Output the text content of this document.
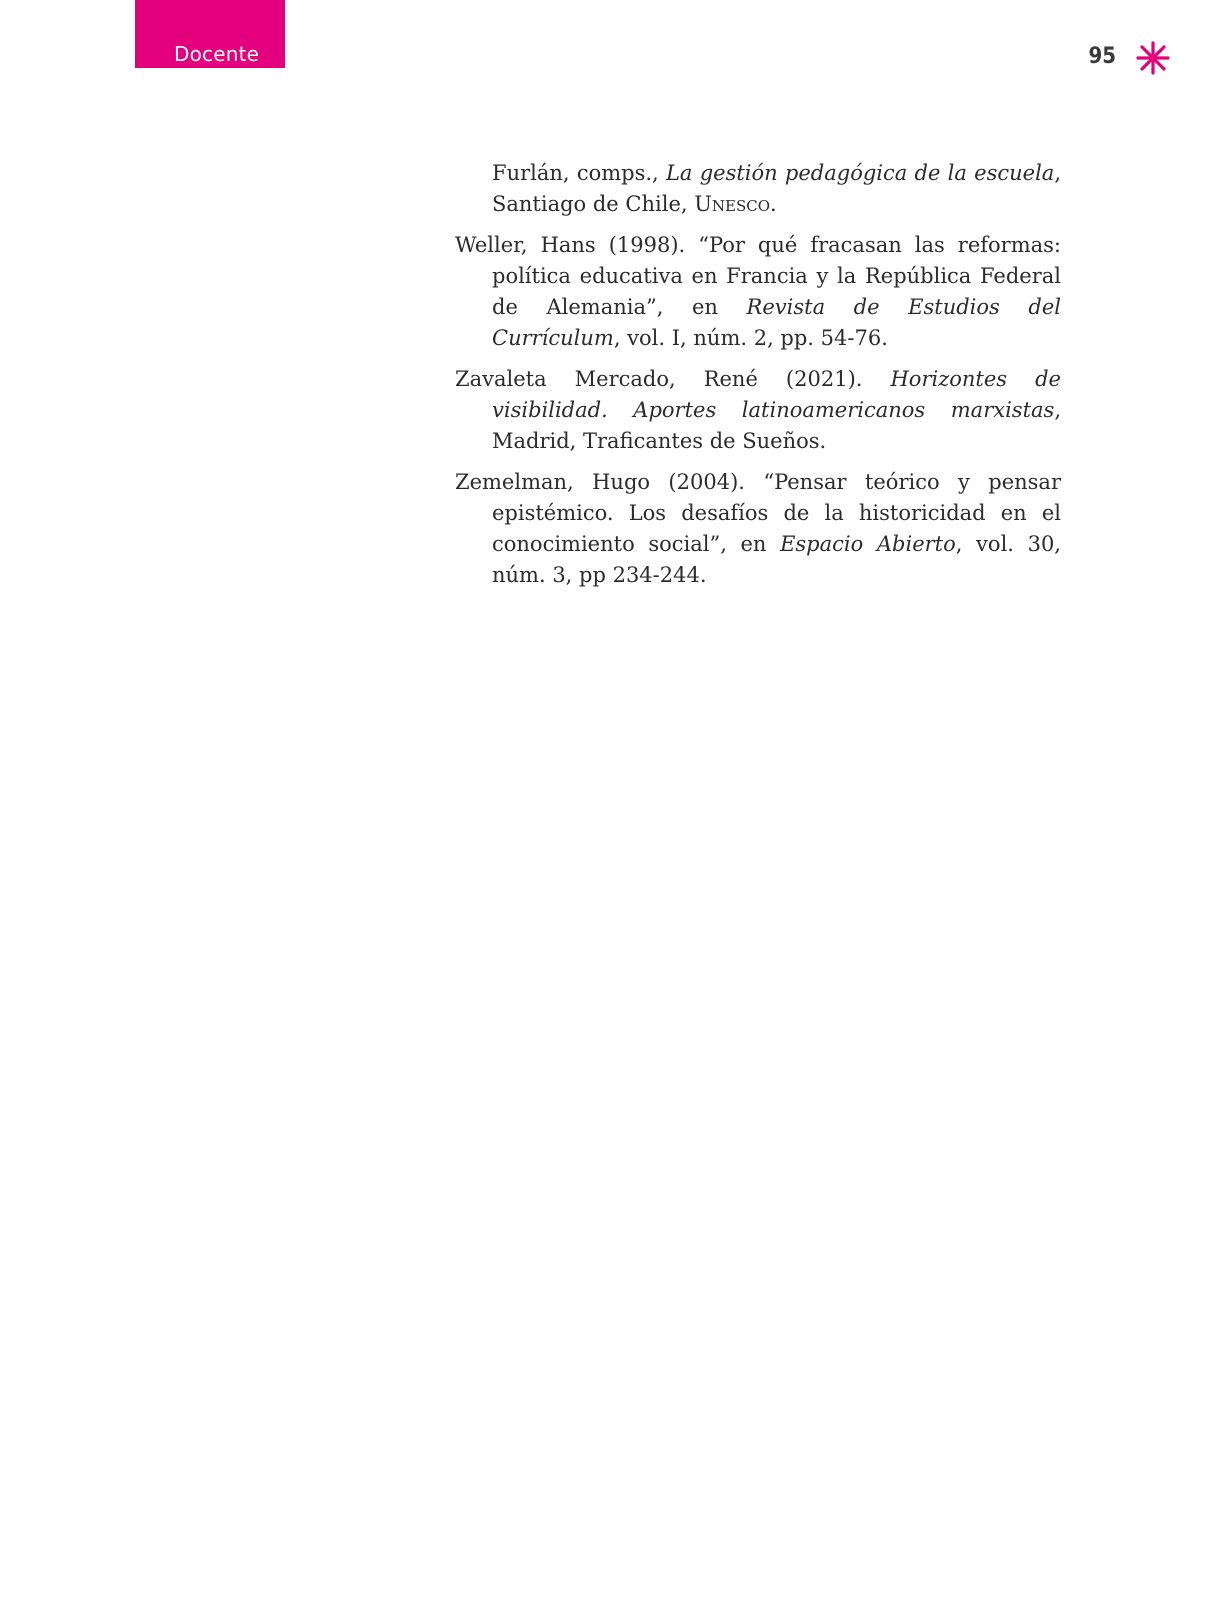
Docente	95

Furlán, comps., La gestión pedagógica de la escuela, Santiago de Chile, Unesco.

Weller, Hans (1998). “Por qué fracasan las reformas: política educativa en Francia y la República Federal de Alemania”, en Revista de Estudios del Currículum, vol. I, núm. 2, pp. 54-76.

Zavaleta Mercado, René (2021). Horizontes de visibilidad. Aportes latinoamericanos marxistas, Madrid, Traficantes de Sueños.

Zemelman, Hugo (2004). “Pensar teórico y pensar epistémico. Los desafíos de la historicidad en el conocimiento social”, en Espacio Abierto, vol. 30, núm. 3, pp 234-244.
